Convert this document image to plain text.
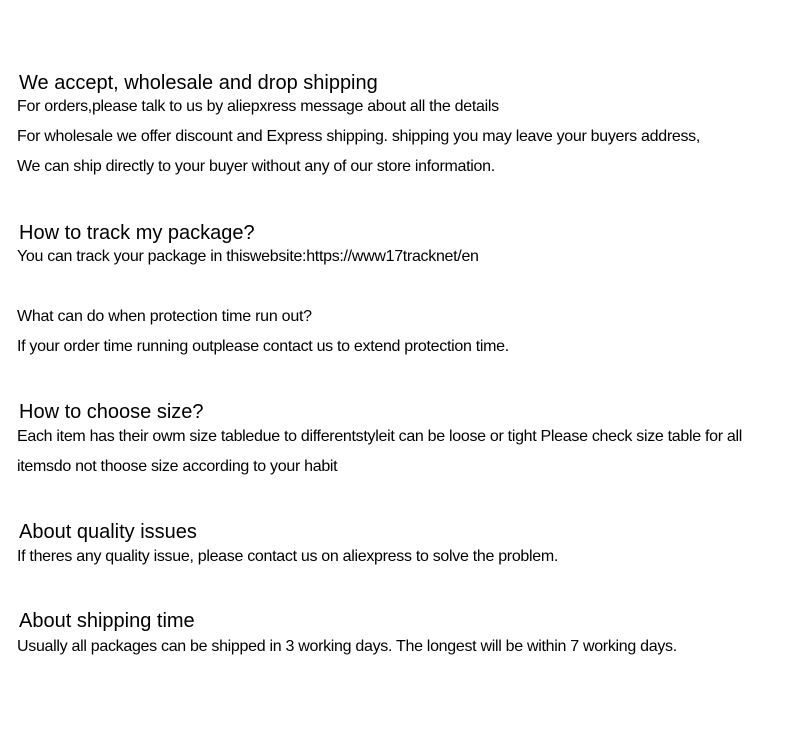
We accept, wholesale and drop shipping
For orders,please talk to us by aliepxress message about all the details
For wholesale we offer discount and Express shipping. shipping you may leave your buyers address,
We can ship directly to your buyer without any of our store information.
How to track my package?
You can track your package in thiswebsite:https://www17tracknet/en
What can do when protection time run out?
If your order time running outplease contact us to extend protection time.
How to choose size?
Each item has their owm size tabledue to differentstyleit can be loose or tight Please check size table for all
itemsdo not thoose size according to your habit
About quality issues
If theres any quality issue, please contact us on aliexpress to solve the problem.
About shipping time
Usually all packages can be shipped in 3 working days. The longest will be within 7 working days.
